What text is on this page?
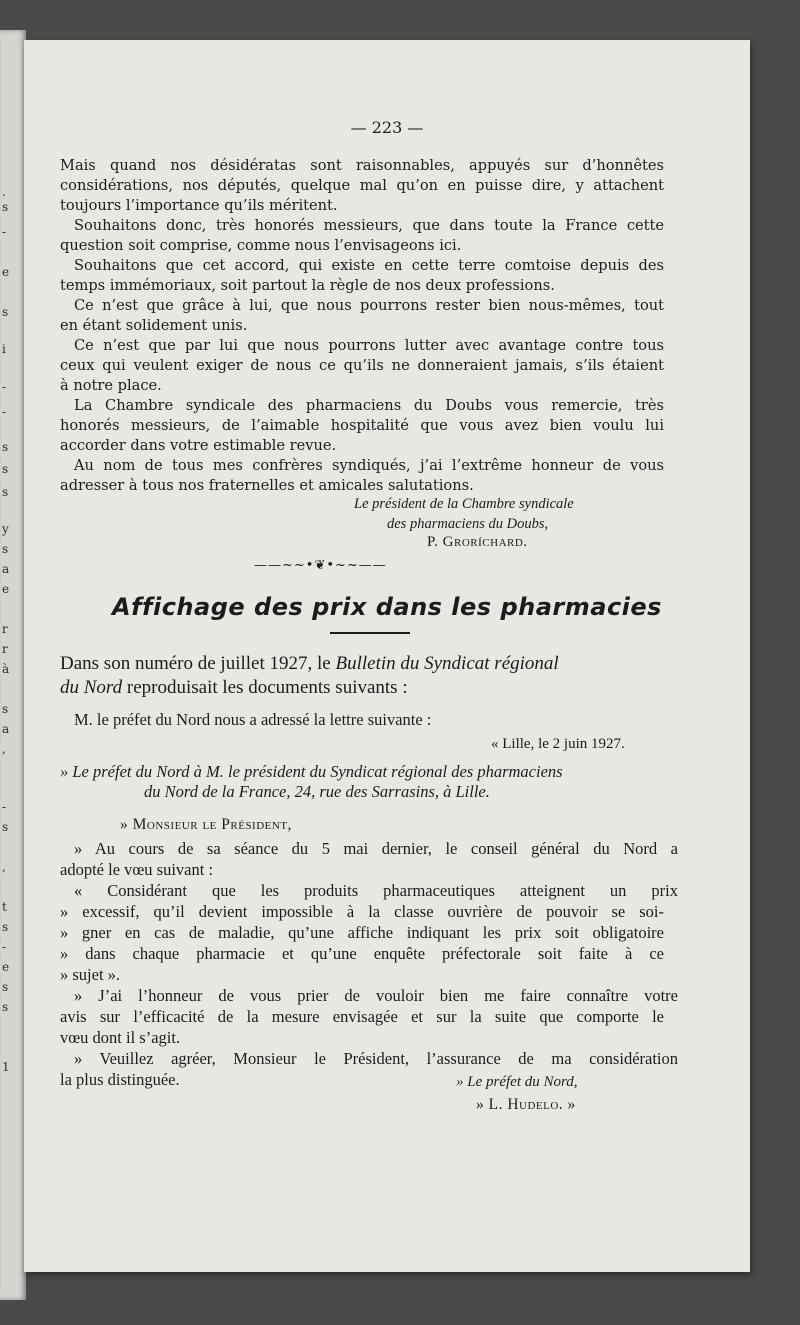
.
s
-
e
s
i
-
-
s
s
s
y
s
a
e
r
r
à
s
a
,
-
s
,
t
s
-
e
s
s
1
— 223 —
Mais quand nos désidératas sont raisonnables, appuyés sur d’honnêtes
considérations, nos députés, quelque mal qu’on en puisse dire, y attachent
toujours l’importance qu’ils méritent.
Souhaitons donc, très honorés messieurs, que dans toute la France cette
question soit comprise, comme nous l’envisageons ici.
Souhaitons que cet accord, qui existe en cette terre comtoise depuis des
temps immémoriaux, soit partout la règle de nos deux professions.
Ce n’est que grâce à lui, que nous pourrons rester bien nous-mêmes, tout
en étant solidement unis.
Ce n’est que par lui que nous pourrons lutter avec avantage contre tous
ceux qui veulent exiger de nous ce qu’ils ne donneraient jamais, s’ils étaient
à notre place.
La Chambre syndicale des pharmaciens du Doubs vous remercie, très
honorés messieurs, de l’aimable hospitalité que vous avez bien voulu lui
accorder dans votre estimable revue.
Au nom de tous mes confrères syndiqués, j’ai l’extrême honneur de vous
adresser à tous nos fraternelles et amicales salutations.
Le président de la Chambre syndicale
des pharmaciens du Doubs,
P. Groríchard.
——~~•❦•~~——
Affichage des prix dans les pharmacies
Dans son numéro de juillet 1927, le Bulletin du Syndicat régional
du Nord reproduisait les documents suivants :
M. le préfet du Nord nous a adressé la lettre suivante :
« Lille, le 2 juin 1927.
» Le préfet du Nord à M. le président du Syndicat régional des pharmaciens
du Nord de la France, 24, rue des Sarrasins, à Lille.
» Monsieur le Président,
» Au cours de sa séance du 5 mai dernier, le conseil général du Nord a
adopté le vœu suivant :
« Considérant que les produits pharmaceutiques atteignent un prix
» excessif, qu’il devient impossible à la classe ouvrière de pouvoir se soi-
» gner en cas de maladie, qu’une affiche indiquant les prix soit obligatoire
» dans chaque pharmacie et qu’une enquête préfectorale soit faite à ce
» sujet ».
» J’ai l’honneur de vous prier de vouloir bien me faire connaître votre
avis sur l’efficacité de la mesure envisagée et sur la suite que comporte le
vœu dont il s’agit.
» Veuillez agréer, Monsieur le Président, l’assurance de ma considération
la plus distinguée.	» Le préfet du Nord,
» L. Hudelo. »
